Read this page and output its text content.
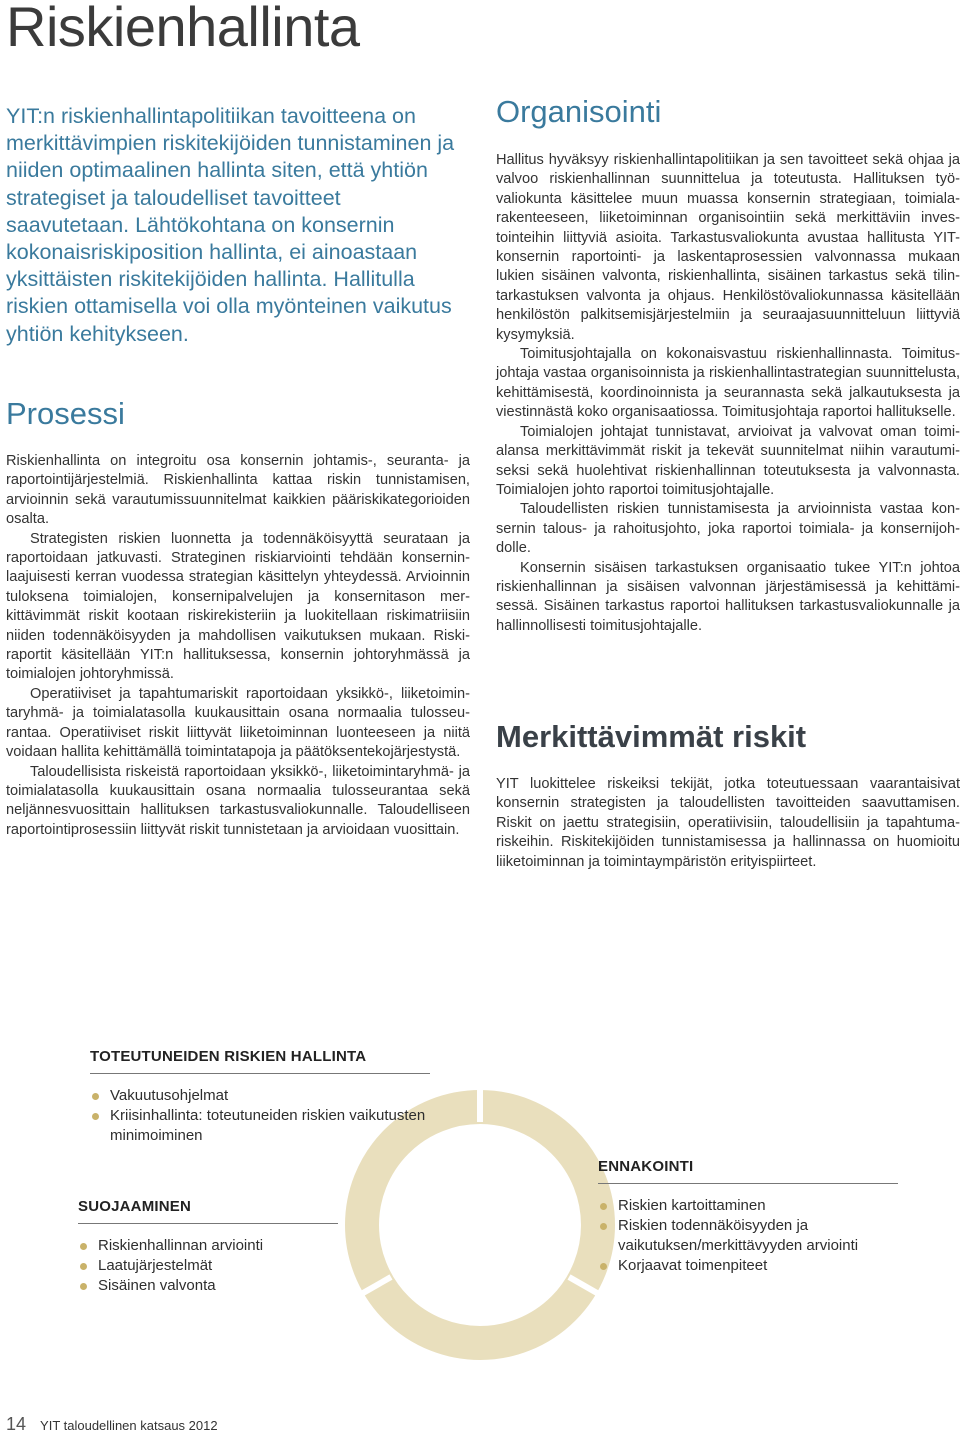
Riskienhallinta

YIT:n riskienhallintapolitiikan tavoitteena on merkittävimpien riskitekijöiden tunnistaminen ja niiden optimaalinen hallinta siten, että yhtiön strategiset ja taloudelliset tavoitteet saavutetaan. Lähtökohtana on konsernin kokonaisriskiposition hallinta, ei ainoastaan yksittäisten riskitekijöiden hallinta. Hallitulla riskien ottamisella voi olla myönteinen vaikutus yhtiön kehitykseen.

Prosessi

Riskienhallinta on integroitu osa konsernin johtamis-, seuranta- ja raportointijärjestelmiä. Riskienhallinta kattaa riskin tunnistamisen, arvioinnin sekä varautumissuunnitelmat kaikkien pääriskikategorioiden osalta.

Strategisten riskien luonnetta ja todennäköisyyttä seurataan ja raportoidaan jatkuvasti. Strateginen riskiarviointi tehdään konserninlaajuisesti kerran vuodessa strategian käsittelyn yhteydessä. Arvioinnin tuloksena toimialojen, konsernipalvelujen ja konsernitason merkittävimmät riskit kootaan riskirekisteriin ja luokitellaan riskimatriisiin niiden todennäköisyyden ja mahdollisen vaikutuksen mukaan. Riskiraportit käsitellään YIT:n hallituksessa, konsernin johtoryhmässä ja toimialojen johtoryhmissä.

Operatiiviset ja tapahtumariskit raportoidaan yksikkö-, liiketoimintaryhmä- ja toimialatasolla kuukausittain osana normaalia tulosseurantaa. Operatiiviset riskit liittyvät liiketoiminnan luonteeseen ja niitä voidaan hallita kehittämällä toimintatapoja ja päätöksentekojärjestystä.

Taloudellisista riskeistä raportoidaan yksikkö-, liiketoimintaryhmä- ja toimialatasolla kuukausittain osana normaalia tulosseurantaa sekä neljännesvuosittain hallituksen tarkastusvaliokunnalle. Taloudelliseen raportointiprosessiin liittyvät riskit tunnistetaan ja arvioidaan vuosittain.

Organisointi

Hallitus hyväksyy riskienhallintapolitiikan ja sen tavoitteet sekä ohjaa ja valvoo riskienhallinnan suunnittelua ja toteutusta. Hallituksen työvaliokunta käsittelee muun muassa konsernin strategiaan, toimialarakenteeseen, liiketoiminnan organisointiin sekä merkittäviin investointeihin liittyviä asioita. Tarkastusvaliokunta avustaa hallitusta YIT-konsernin raportointi- ja laskentaprosessien valvonnassa mukaan lukien sisäinen valvonta, riskienhallinta, sisäinen tarkastus sekä tilintarkastuksen valvonta ja ohjaus. Henkilöstövaliokunnassa käsitellään henkilöstön palkitsemisjärjestelmiin ja seuraajasuunnitteluun liittyviä kysymyksiä.

Toimitusjohtajalla on kokonaisvastuu riskienhallinnasta. Toimitusjohtaja vastaa organisoinnista ja riskienhallintastrategian suunnittelusta, kehittämisestä, koordinoinnista ja seurannasta sekä jalkautuksesta ja viestinnästä koko organisaatiossa. Toimitusjohtaja raportoi hallitukselle.

Toimialojen johtajat tunnistavat, arvioivat ja valvovat oman toimialansa merkittävimmät riskit ja tekevät suunnitelmat niihin varautumiseksi sekä huolehtivat riskienhallinnan toteutuksesta ja valvonnasta. Toimialojen johto raportoi toimitusjohtajalle.

Taloudellisten riskien tunnistamisesta ja arvioinnista vastaa konsernin talous- ja rahoitusjohto, joka raportoi toimiala- ja konsernijohdolle.

Konsernin sisäisen tarkastuksen organisaatio tukee YIT:n johtoa riskienhallinnan ja sisäisen valvonnan järjestämisessä ja kehittämisessä. Sisäinen tarkastus raportoi hallituksen tarkastusvaliokunnalle ja hallinnollisesti toimitusjohtajalle.

Merkittävimmät riskit

YIT luokittelee riskeiksi tekijät, jotka toteutuessaan vaarantaisivat konsernin strategisten ja taloudellisten tavoitteiden saavuttamisen. Riskit on jaettu strategisiin, operatiivisiin, taloudellisiin ja tapahtumariskeihin. Riskitekijöiden tunnistamisessa ja hallinnassa on huomioitu liiketoiminnan ja toimintaympäristön erityispiirteet.

TOTEUTUNEIDEN RISKIEN HALLINTA
Vakuutusohjelmat
Kriisinhallinta: toteutuneiden riskien vaikutusten minimoiminen
ENNAKOINTI
Riskien kartoittaminen
Riskien todennäköisyyden ja vaikutuksen/merkittävyyden arviointi
Korjaavat toimenpiteet
SUOJAAMINEN
Riskienhallinnan arviointi
Laatujärjestelmät
Sisäinen valvonta
14 YIT taloudellinen katsaus 2012
